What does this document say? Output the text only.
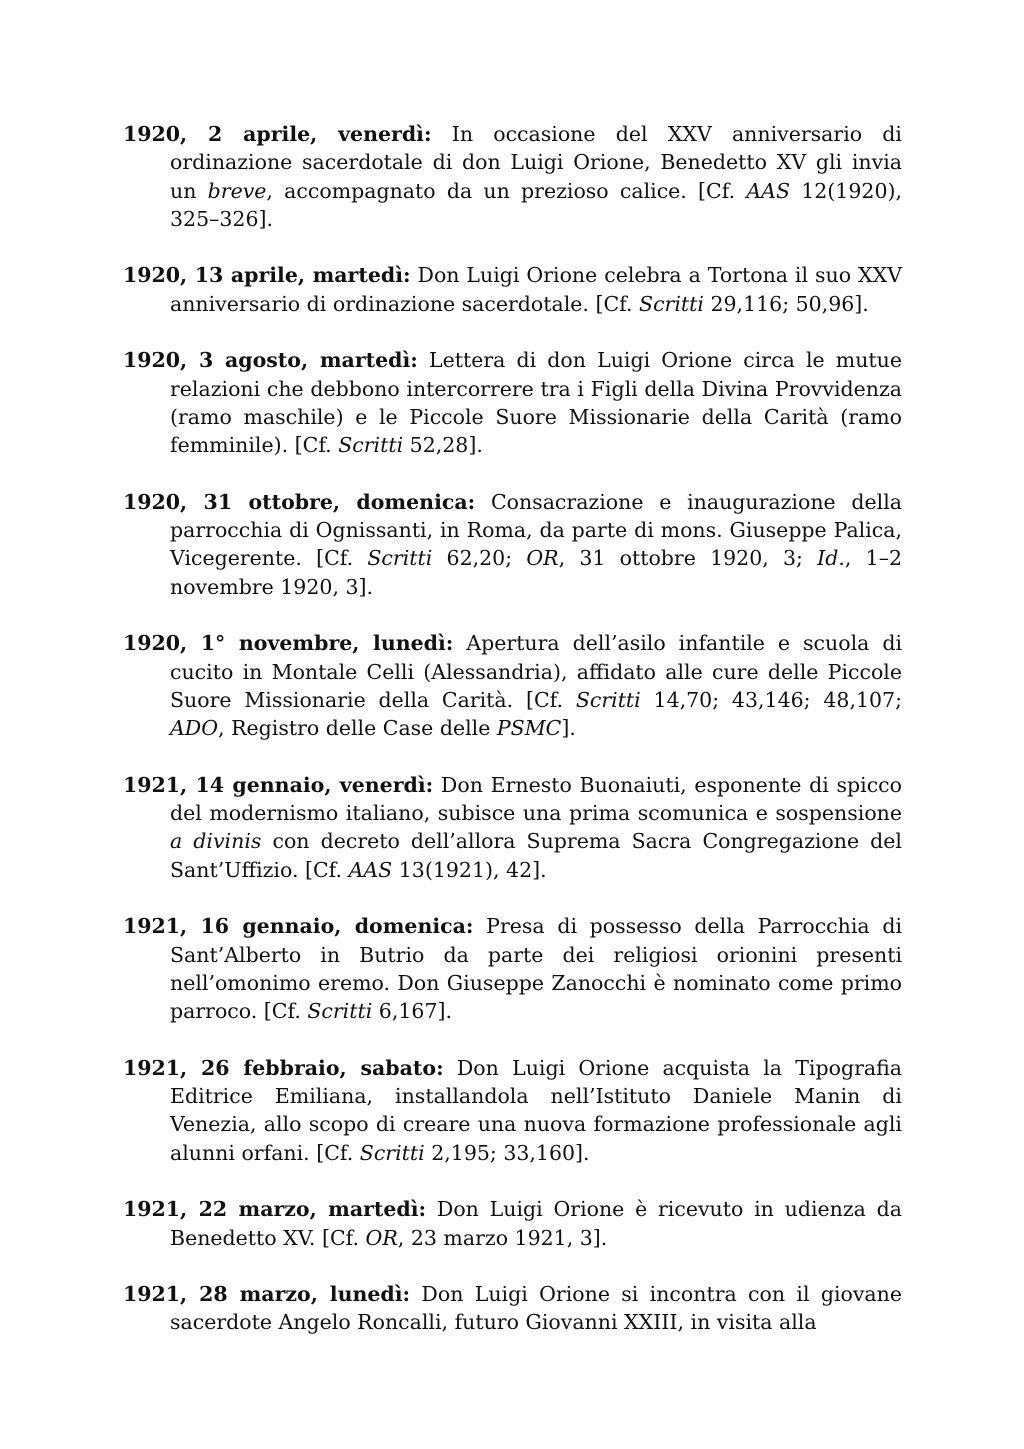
1920, 2 aprile, venerdì: In occasione del XXV anniversario di ordinazione sacerdotale di don Luigi Orione, Benedetto XV gli invia un breve, accompagnato da un prezioso calice. [Cf. AAS 12(1920), 325–326].

1920, 13 aprile, martedì: Don Luigi Orione celebra a Tortona il suo XXV anniversario di ordinazione sacerdotale. [Cf. Scritti 29,116; 50,96].

1920, 3 agosto, martedì: Lettera di don Luigi Orione circa le mutue relazioni che debbono intercorrere tra i Figli della Divina Provvidenza (ramo maschile) e le Piccole Suore Missionarie della Carità (ramo femminile). [Cf. Scritti 52,28].

1920, 31 ottobre, domenica: Consacrazione e inaugurazione della parrocchia di Ognissanti, in Roma, da parte di mons. Giuseppe Palica, Vicegerente. [Cf. Scritti 62,20; OR, 31 ottobre 1920, 3; Id., 1–2 novembre 1920, 3].

1920, 1° novembre, lunedì: Apertura dell’asilo infantile e scuola di cucito in Montale Celli (Alessandria), affidato alle cure delle Piccole Suore Missionarie della Carità. [Cf. Scritti 14,70; 43,146; 48,107; ADO, Registro delle Case delle PSMC].

1921, 14 gennaio, venerdì: Don Ernesto Buonaiuti, esponente di spicco del modernismo italiano, subisce una prima scomunica e sospensione a divinis con decreto dell’allora Suprema Sacra Congregazione del Sant’Uffizio. [Cf. AAS 13(1921), 42].

1921, 16 gennaio, domenica: Presa di possesso della Parrocchia di Sant’Alberto in Butrio da parte dei religiosi orionini presenti nell’omonimo eremo. Don Giuseppe Zanocchi è nominato come primo parroco. [Cf. Scritti 6,167].

1921, 26 febbraio, sabato: Don Luigi Orione acquista la Tipografia Editrice Emiliana, installandola nell’Istituto Daniele Manin di Venezia, allo scopo di creare una nuova formazione professionale agli alunni orfani. [Cf. Scritti 2,195; 33,160].

1921, 22 marzo, martedì: Don Luigi Orione è ricevuto in udienza da Benedetto XV. [Cf. OR, 23 marzo 1921, 3].

1921, 28 marzo, lunedì: Don Luigi Orione si incontra con il giovane sacerdote Angelo Roncalli, futuro Giovanni XXIII, in visita alla
